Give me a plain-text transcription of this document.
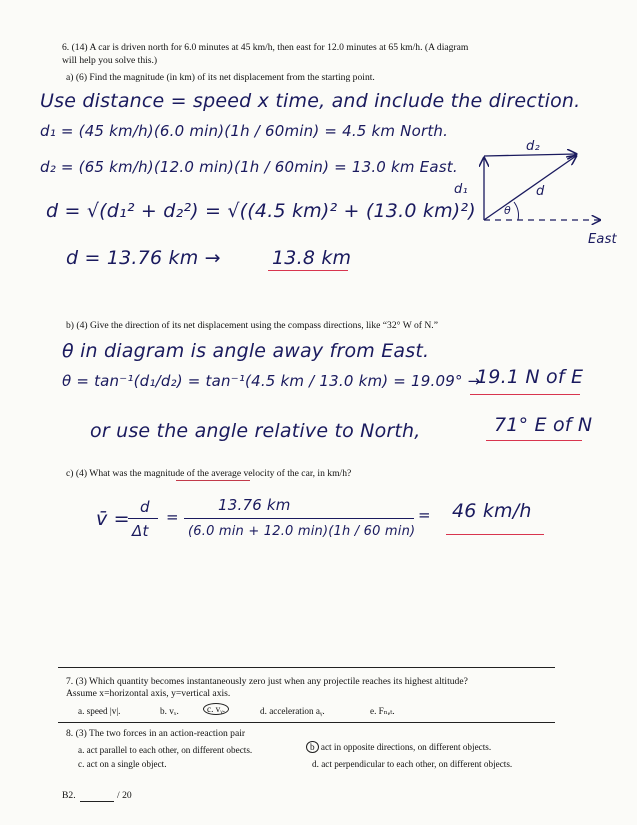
6. (14) A car is driven north for 6.0 minutes at 45 km/h, then east for 12.0 minutes at 65 km/h. (A diagram
will help you solve this.)
a) (6) Find the magnitude (in km) of its net displacement from the starting point.
Use distance = speed x time, and include the direction.
d₁ = (45 km/h)(6.0 min)(1h / 60min) = 4.5 km North.
d₂ = (65 km/h)(12.0 min)(1h / 60min) = 13.0 km East.
d = √(d₁² + d₂²) = √((4.5 km)² + (13.0 km)²)
d = 13.76 km →	13.8 km
d₁
d₂
d
θ
East
b) (4) Give the direction of its net displacement using the compass directions, like “32° W of N.”
θ in diagram is angle away from East.
θ = tan⁻¹(d₁/d₂) = tan⁻¹(4.5 km / 13.0 km) = 19.09° →
19.1 N of E
or use the angle relative to North,	71° E of N
c) (4) What was the magnitude of the average velocity of the car, in km/h?
v̄ =
d
Δt
=
13.76 km
(6.0 min + 12.0 min)(1h / 60 min)
= 46 km/h
7. (3) Which quantity becomes instantaneously zero just when any projectile reaches its highest altitude?
Assume x=horizontal axis, y=vertical axis.
a. speed |v|.	b. vₓ.	c. vᵧ.	d. acceleration aᵧ.	e. Fₙₑₜ.
8. (3) The two forces in an action-reaction pair
a. act parallel to each other, on different obects.	b act in opposite directions, on different objects.
c. act on a single object.	d. act perpendicular to each other, on different objects.
B2.	/ 20
